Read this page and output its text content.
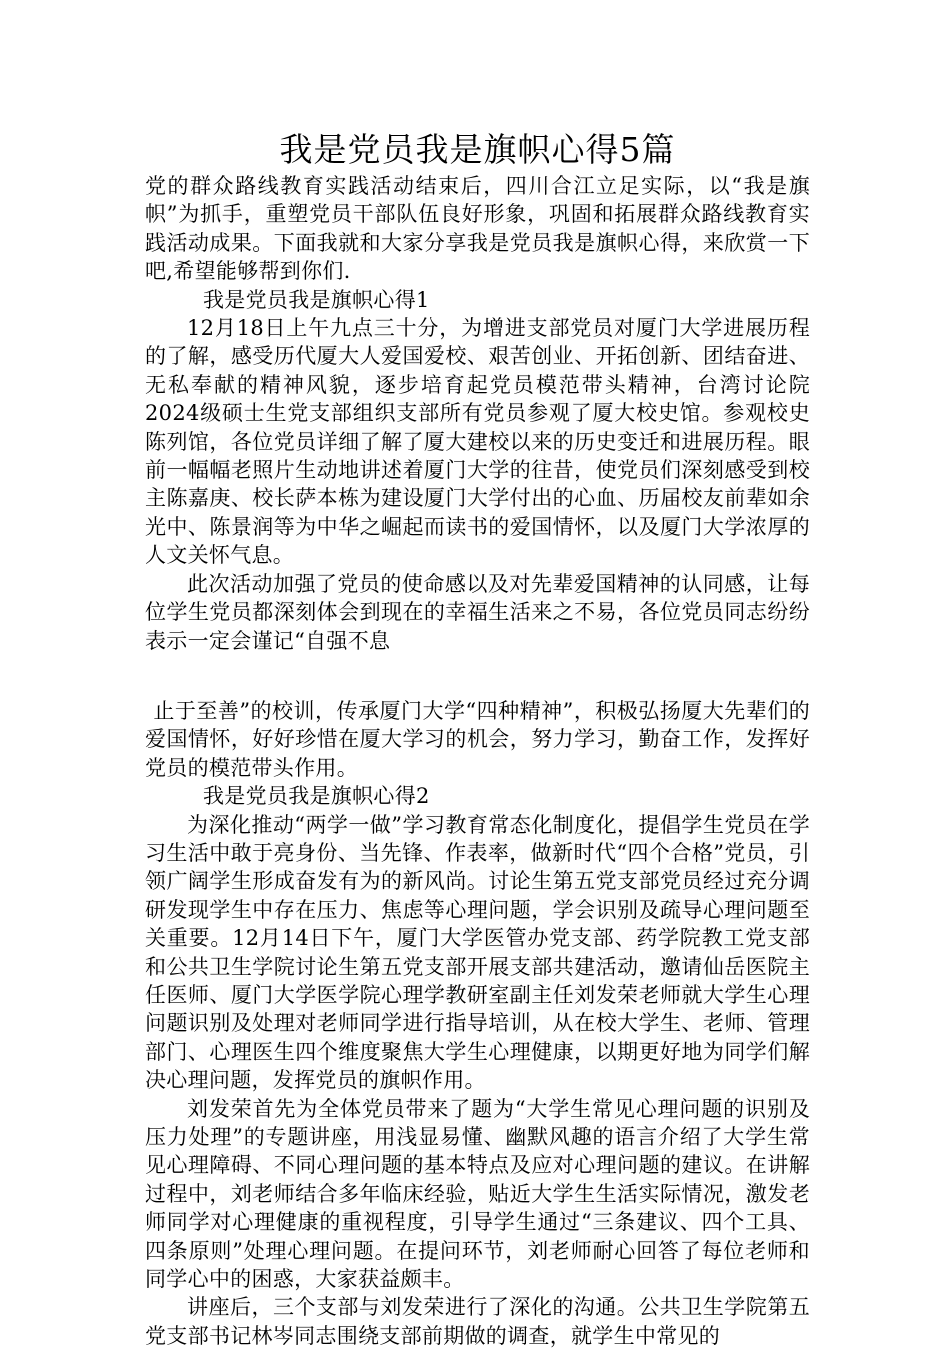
我是党员我是旗帜心得5篇

党的群众路线教育实践活动结束后，四川合江立足实际，以“我是旗帜”为抓手，重塑党员干部队伍良好形象，巩固和拓展群众路线教育实践活动成果。下面我就和大家分享我是党员我是旗帜心得，来欣赏一下吧,希望能够帮到你们.

我是党员我是旗帜心得1

12月18日上午九点三十分，为增进支部党员对厦门大学进展历程的了解，感受历代厦大人爱国爱校、艰苦创业、开拓创新、团结奋进、无私奉献的精神风貌，逐步培育起党员模范带头精神，台湾讨论院2024级硕士生党支部组织支部所有党员参观了厦大校史馆。参观校史陈列馆，各位党员详细了解了厦大建校以来的历史变迁和进展历程。眼前一幅幅老照片生动地讲述着厦门大学的往昔，使党员们深刻感受到校主陈嘉庚、校长萨本栋为建设厦门大学付出的心血、历届校友前辈如余光中、陈景润等为中华之崛起而读书的爱国情怀，以及厦门大学浓厚的人文关怀气息。

此次活动加强了党员的使命感以及对先辈爱国精神的认同感，让每位学生党员都深刻体会到现在的幸福生活来之不易，各位党员同志纷纷表示一定会谨记“自强不息

止于至善”的校训，传承厦门大学“四种精神”，积极弘扬厦大先辈们的爱国情怀，好好珍惜在厦大学习的机会，努力学习，勤奋工作，发挥好党员的模范带头作用。

我是党员我是旗帜心得2

为深化推动“两学一做”学习教育常态化制度化，提倡学生党员在学习生活中敢于亮身份、当先锋、作表率，做新时代“四个合格”党员，引领广阔学生形成奋发有为的新风尚。讨论生第五党支部党员经过充分调研发现学生中存在压力、焦虑等心理问题，学会识别及疏导心理问题至关重要。12月14日下午，厦门大学医管办党支部、药学院教工党支部和公共卫生学院讨论生第五党支部开展支部共建活动，邀请仙岳医院主任医师、厦门大学医学院心理学教研室副主任刘发荣老师就大学生心理问题识别及处理对老师同学进行指导培训，从在校大学生、老师、管理部门、心理医生四个维度聚焦大学生心理健康，以期更好地为同学们解决心理问题，发挥党员的旗帜作用。

刘发荣首先为全体党员带来了题为“大学生常见心理问题的识别及压力处理”的专题讲座，用浅显易懂、幽默风趣的语言介绍了大学生常见心理障碍、不同心理问题的基本特点及应对心理问题的建议。在讲解过程中，刘老师结合多年临床经验，贴近大学生生活实际情况，激发老师同学对心理健康的重视程度，引导学生通过“三条建议、四个工具、四条原则”处理心理问题。在提问环节，刘老师耐心回答了每位老师和同学心中的困惑，大家获益颇丰。

讲座后，三个支部与刘发荣进行了深化的沟通。公共卫生学院第五党支部书记林岑同志围绕支部前期做的调查，就学生中常见的
